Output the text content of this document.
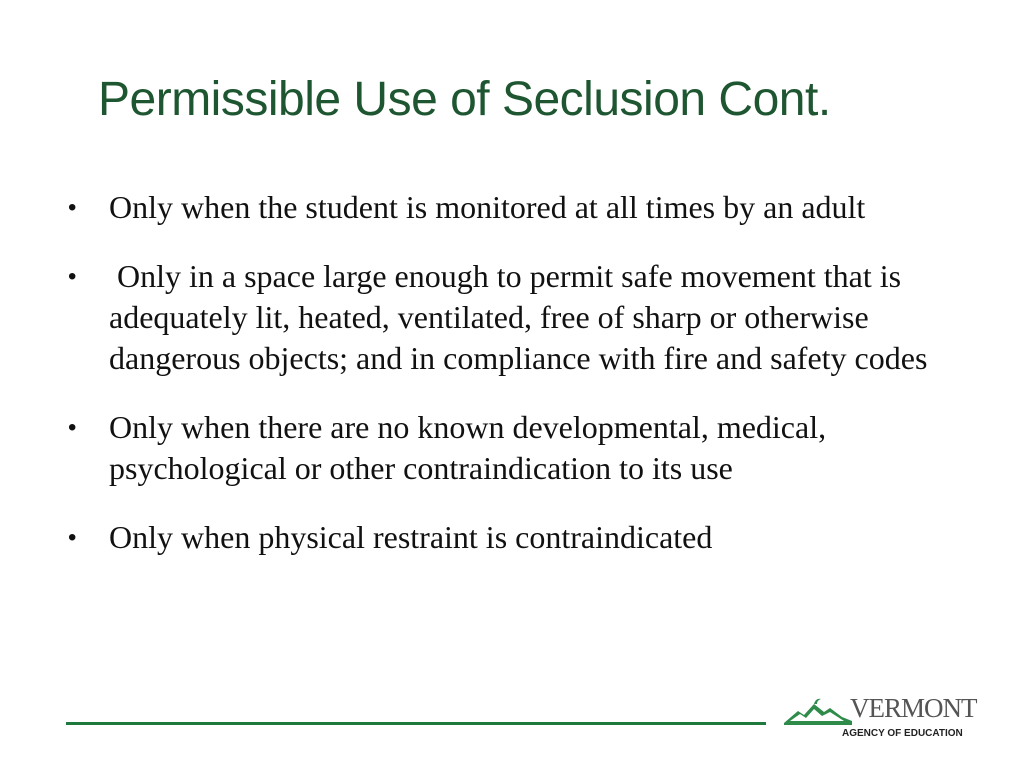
Permissible Use of Seclusion Cont.
• Only when the student is monitored at all times by an adult
• Only in a space large enough to permit safe movement that is adequately lit, heated, ventilated, free of sharp or otherwise dangerous objects; and in compliance with fire and safety codes
• Only when there are no known developmental, medical, psychological or other contraindication to its use
• Only when physical restraint is contraindicated
VERMONT
AGENCY OF EDUCATION
